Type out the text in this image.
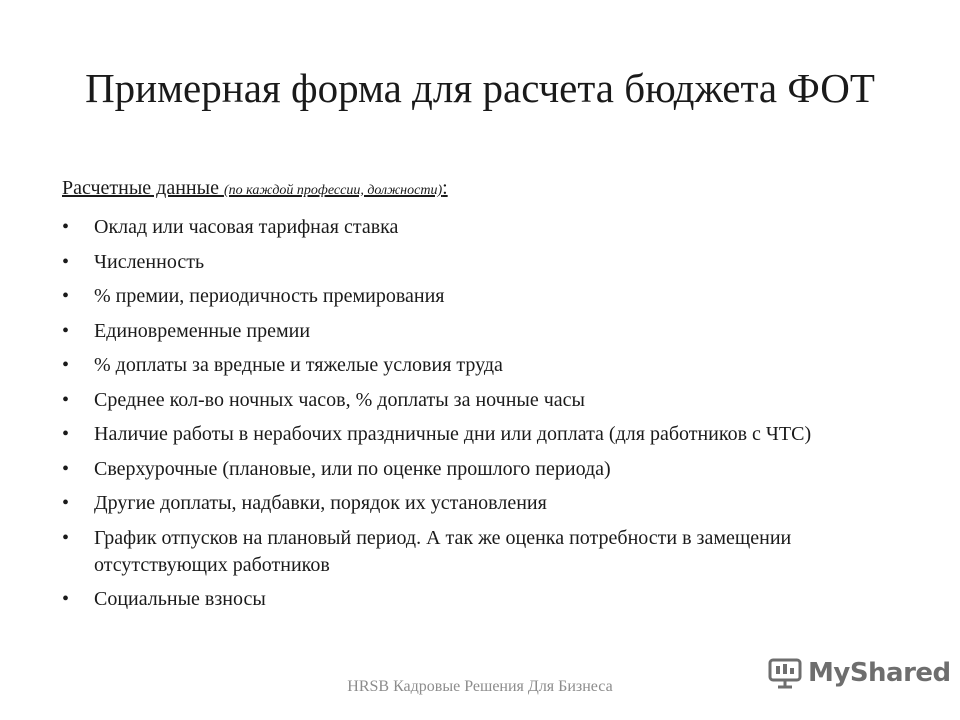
Примерная форма для расчета бюджета ФОТ
Расчетные данные (по каждой профессии, должности):
•	Оклад или часовая тарифная ставка
•	Численность
•	% премии, периодичность премирования
•	Единовременные премии
•	% доплаты за вредные и тяжелые условия труда
•	Среднее кол-во ночных часов, % доплаты за ночные часы
•	Наличие работы в нерабочих праздничные дни или доплата (для работников с ЧТС)
•	Сверхурочные (плановые, или по оценке прошлого периода)
•	Другие доплаты, надбавки, порядок их установления
•	График отпусков на плановый период. А так же оценка потребности в замещении отсутствующих работников
•	Социальные взносы
HRSB Кадровые Решения Для Бизнеса	MyShared
